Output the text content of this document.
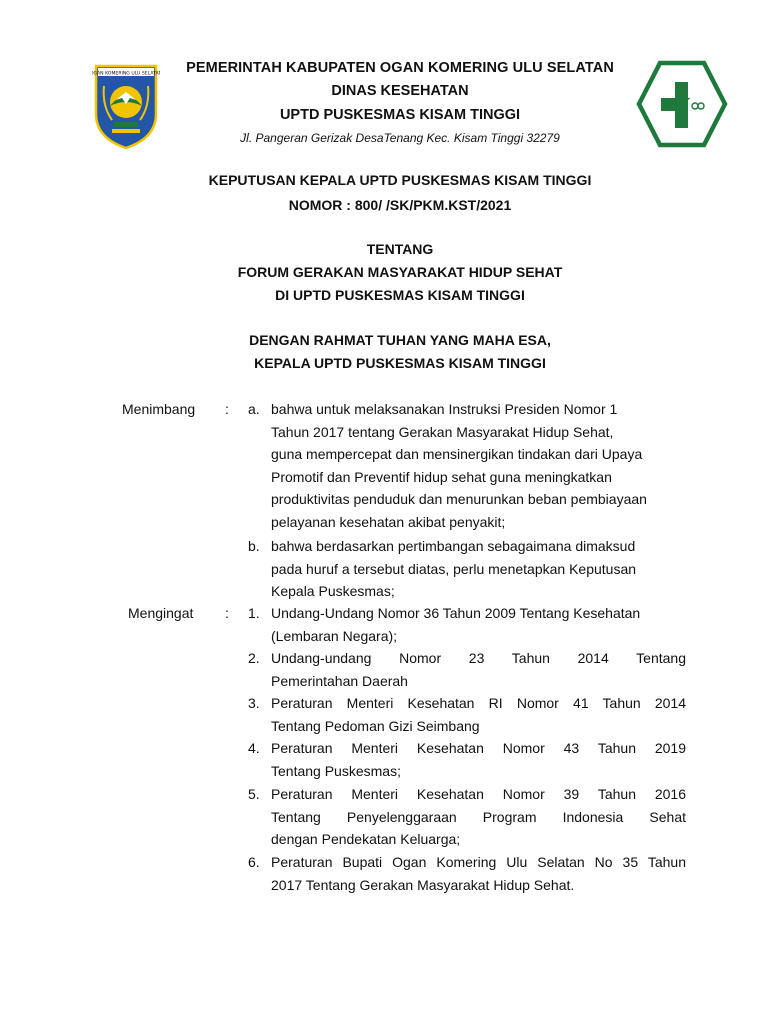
OGAN KOMERING ULU SELATAN	PEMERINTAH KABUPATEN OGAN KOMERING ULU SELATAN
DINAS KESEHATAN
UPTD PUSKESMAS KISAM TINGGI
Jl. Pangeran Gerizak DesaTenang Kec. Kisam Tinggi 32279
KEPUTUSAN KEPALA UPTD PUSKESMAS KISAM TINGGI
NOMOR : 800/ /SK/PKM.KST/2021
TENTANG
FORUM GERAKAN MASYARAKAT HIDUP SEHAT
DI UPTD PUSKESMAS KISAM TINGGI
DENGAN RAHMAT TUHAN YANG MAHA ESA,
KEPALA UPTD PUSKESMAS KISAM TINGGI
Menimbang : a. bahwa untuk melaksanakan Instruksi Presiden Nomor 1
Tahun 2017 tentang Gerakan Masyarakat Hidup Sehat,
guna mempercepat dan mensinergikan tindakan dari Upaya
Promotif dan Preventif hidup sehat guna meningkatkan
produktivitas penduduk dan menurunkan beban pembiayaan
pelayanan kesehatan akibat penyakit;
b. bahwa berdasarkan pertimbangan sebagaimana dimaksud
pada huruf a tersebut diatas, perlu menetapkan Keputusan
Kepala Puskesmas;
Mengingat : 1. Undang-Undang Nomor 36 Tahun 2009 Tentang Kesehatan
(Lembaran Negara);
2. Undang-undang Nomor 23 Tahun 2014 Tentang
Pemerintahan Daerah
3. Peraturan Menteri Kesehatan RI Nomor 41 Tahun 2014
Tentang Pedoman Gizi Seimbang
4. Peraturan Menteri Kesehatan Nomor 43 Tahun 2019
Tentang Puskesmas;
5. Peraturan Menteri Kesehatan Nomor 39 Tahun 2016
Tentang Penyelenggaraan Program Indonesia Sehat
dengan Pendekatan Keluarga;
6. Peraturan Bupati Ogan Komering Ulu Selatan No 35 Tahun
2017 Tentang Gerakan Masyarakat Hidup Sehat.
